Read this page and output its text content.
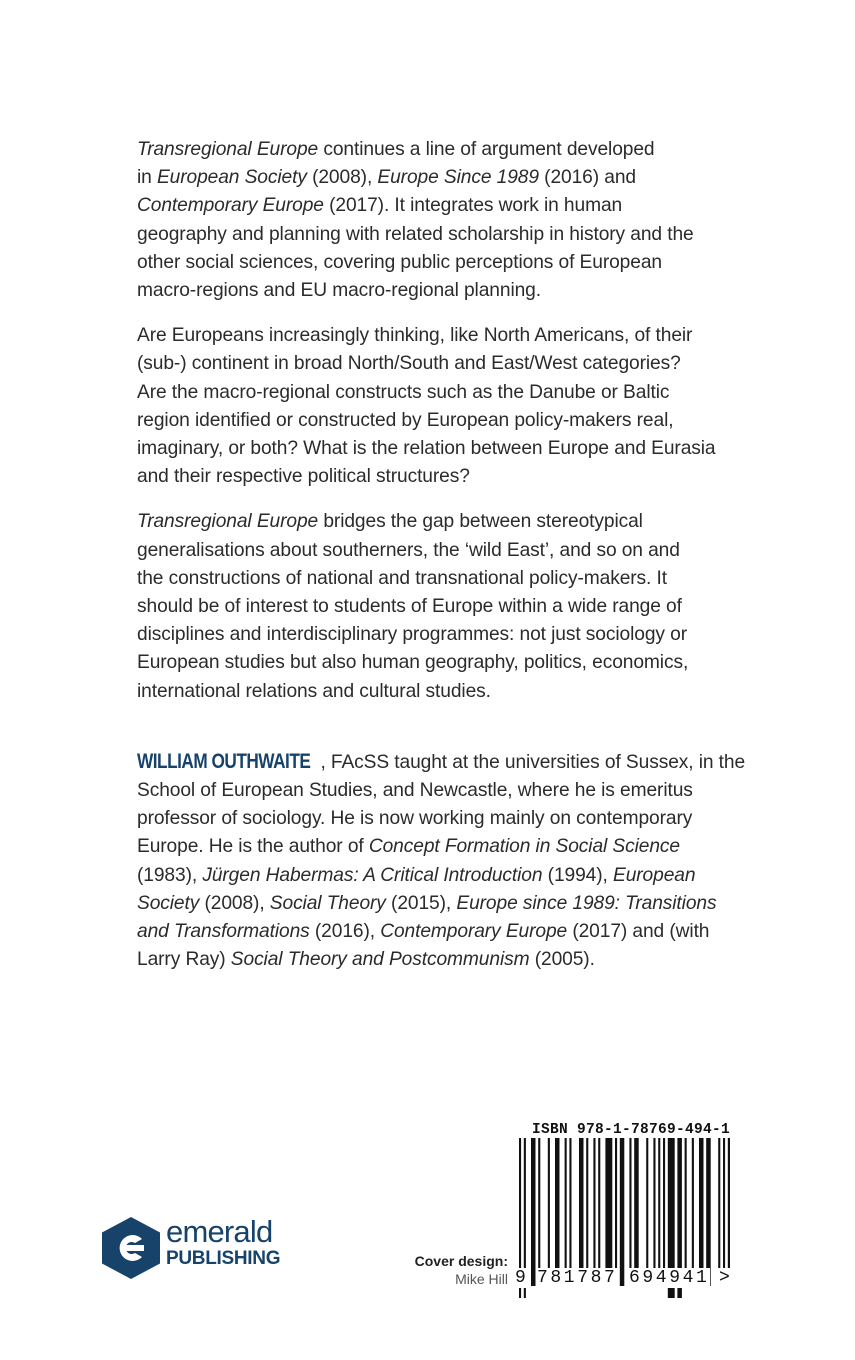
Transregional Europe continues a line of argument developed
in European Society (2008), Europe Since 1989 (2016) and
Contemporary Europe (2017). It integrates work in human
geography and planning with related scholarship in history and the
other social sciences, covering public perceptions of European
macro-regions and EU macro-regional planning.

Are Europeans increasingly thinking, like North Americans, of their
(sub-) continent in broad North/South and East/West categories?
Are the macro-regional constructs such as the Danube or Baltic
region identified or constructed by European policy-makers real,
imaginary, or both? What is the relation between Europe and Eurasia
and their respective political structures?

Transregional Europe bridges the gap between stereotypical
generalisations about southerners, the ‘wild East’, and so on and
the constructions of national and transnational policy-makers. It
should be of interest to students of Europe within a wide range of
disciplines and interdisciplinary programmes: not just sociology or
European studies but also human geography, politics, economics,
international relations and cultural studies.

WILLIAM OUTHWAITE , FAcSS taught at the universities of Sussex, in the
School of European Studies, and Newcastle, where he is emeritus
professor of sociology. He is now working mainly on contemporary
Europe. He is the author of Concept Formation in Social Science
(1983), Jürgen Habermas: A Critical Introduction (1994), European
Society (2008), Social Theory (2015), Europe since 1989: Transitions
and Transformations (2016), Contemporary Europe (2017) and (with
Larry Ray) Social Theory and Postcommunism (2005).

emerald
PUBLISHING	Cover design:
Mike Hill
ISBN 978-1-78769-494-1
9 781787 694941 >
